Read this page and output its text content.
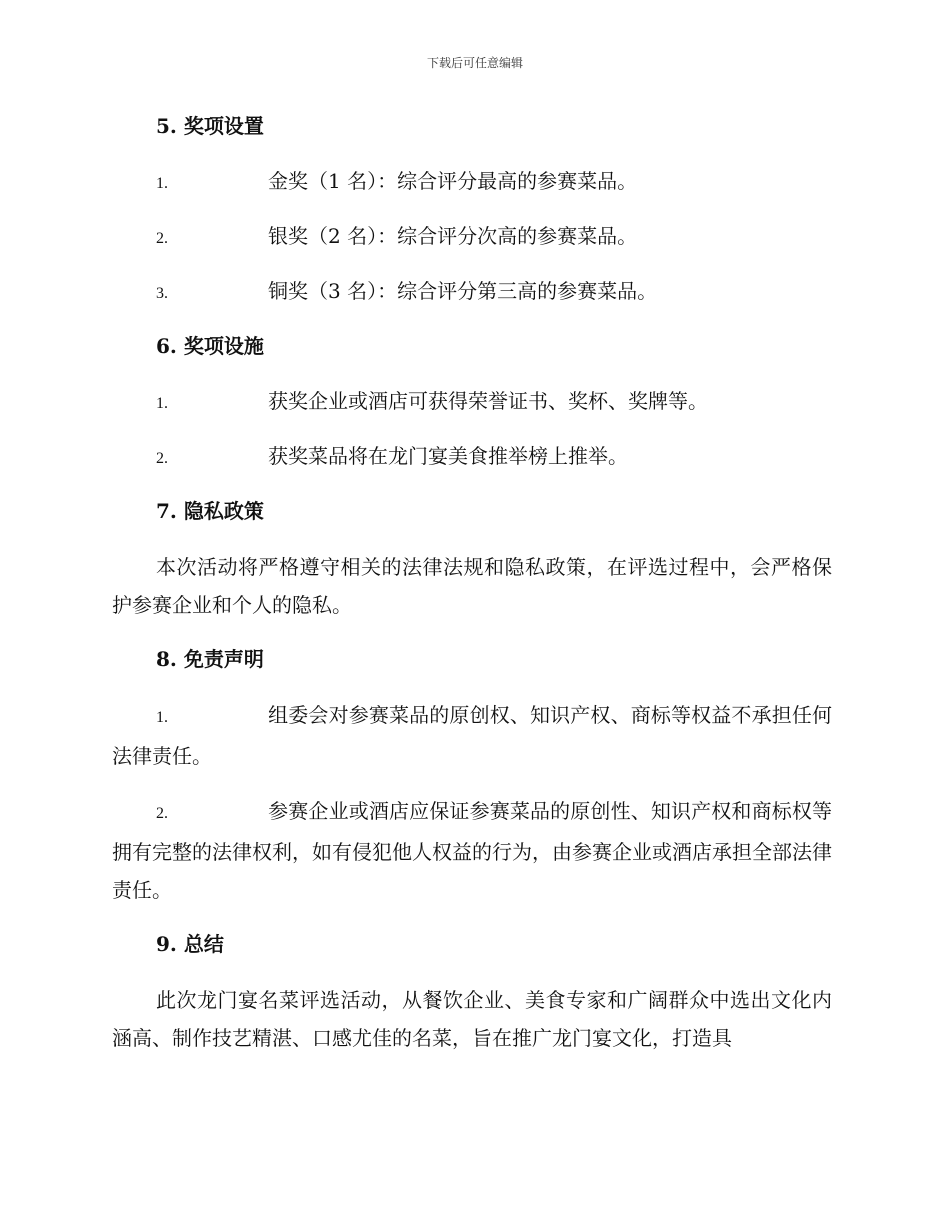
下载后可任意编辑
5. 奖项设置
1.	金奖（1 名）：综合评分最高的参赛菜品。
2.	银奖（2 名）：综合评分次高的参赛菜品。
3.	铜奖（3 名）：综合评分第三高的参赛菜品。
6. 奖项设施
1.	获奖企业或酒店可获得荣誉证书、奖杯、奖牌等。
2.	获奖菜品将在龙门宴美食推举榜上推举。
7. 隐私政策
本次活动将严格遵守相关的法律法规和隐私政策，在评选过程中，会严格保护参赛企业和个人的隐私。
8. 免责声明
1.	组委会对参赛菜品的原创权、知识产权、商标等权益不承担任何法律责任。
2.	参赛企业或酒店应保证参赛菜品的原创性、知识产权和商标权等拥有完整的法律权利，如有侵犯他人权益的行为，由参赛企业或酒店承担全部法律责任。
9. 总结
此次龙门宴名菜评选活动，从餐饮企业、美食专家和广阔群众中选出文化内涵高、制作技艺精湛、口感尤佳的名菜，旨在推广龙门宴文化，打造具
